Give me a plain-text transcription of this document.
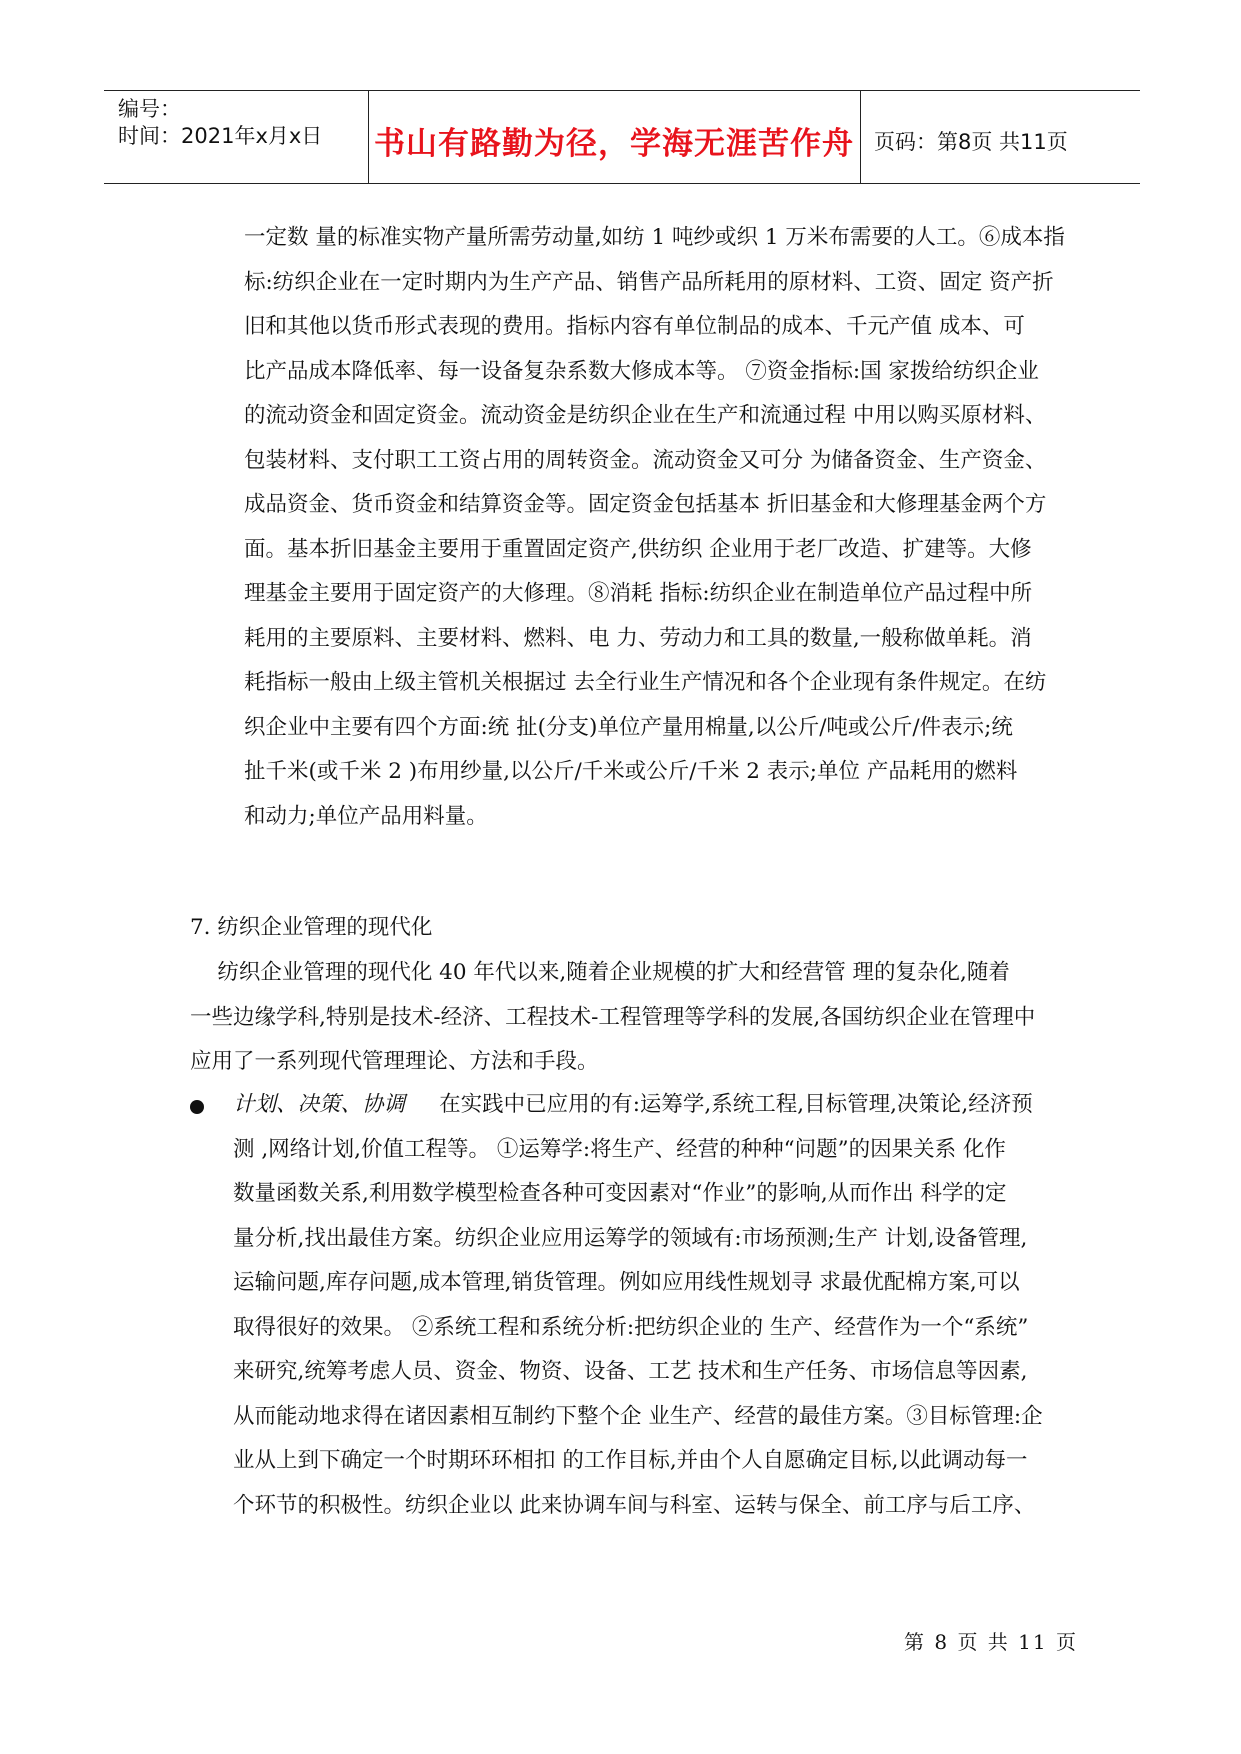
编号：
时间：2021年x月x日 书山有路勤为径，学海无涯苦作舟 页码：第8页 共11页
一定数 量的标准实物产量所需劳动量,如纺 1 吨纱或织 1 万米布需要的人工。⑥成本指
标:纺织企业在一定时期内为生产产品、销售产品所耗用的原材料、工资、固定 资产折
旧和其他以货币形式表现的费用。指标内容有单位制品的成本、千元产值 成本、可
比产品成本降低率、每一设备复杂系数大修成本等。 ⑦资金指标:国 家拨给纺织企业
的流动资金和固定资金。流动资金是纺织企业在生产和流通过程 中用以购买原材料、
包装材料、支付职工工资占用的周转资金。流动资金又可分 为储备资金、生产资金、
成品资金、货币资金和结算资金等。固定资金包括基本 折旧基金和大修理基金两个方
面。基本折旧基金主要用于重置固定资产,供纺织 企业用于老厂改造、扩建等。大修
理基金主要用于固定资产的大修理。⑧消耗 指标:纺织企业在制造单位产品过程中所
耗用的主要原料、主要材料、燃料、电 力、劳动力和工具的数量,一般称做单耗。消
耗指标一般由上级主管机关根据过 去全行业生产情况和各个企业现有条件规定。在纺
织企业中主要有四个方面:统 扯(分支)单位产量用棉量,以公斤/吨或公斤/件表示;统
扯千米(或千米 2 )布用纱量,以公斤/千米或公斤/千米 2 表示;单位 产品耗用的燃料
和动力;单位产品用料量。
7. 纺织企业管理的现代化
纺织企业管理的现代化 40 年代以来,随着企业规模的扩大和经营管 理的复杂化,随着
一些边缘学科,特别是技术-经济、工程技术-工程管理等学科的发展,各国纺织企业在管理中
应用了一系列现代管理理论、方法和手段。
计划、决策、协调     在实践中已应用的有:运筹学,系统工程,目标管理,决策论,经济预
测 ,网络计划,价值工程等。 ①运筹学:将生产、经营的种种“问题”的因果关系 化作
数量函数关系,利用数学模型检查各种可变因素对“作业”的影响,从而作出 科学的定
量分析,找出最佳方案。纺织企业应用运筹学的领域有:市场预测;生产 计划,设备管理,
运输问题,库存问题,成本管理,销货管理。例如应用线性规划寻 求最优配棉方案,可以
取得很好的效果。 ②系统工程和系统分析:把纺织企业的 生产、经营作为一个“系统”
来研究,统筹考虑人员、资金、物资、设备、工艺 技术和生产任务、市场信息等因素,
从而能动地求得在诸因素相互制约下整个企 业生产、经营的最佳方案。③目标管理:企
业从上到下确定一个时期环环相扣 的工作目标,并由个人自愿确定目标,以此调动每一
个环节的积极性。纺织企业以 此来协调车间与科室、运转与保全、前工序与后工序、
第 8 页 共 11 页
